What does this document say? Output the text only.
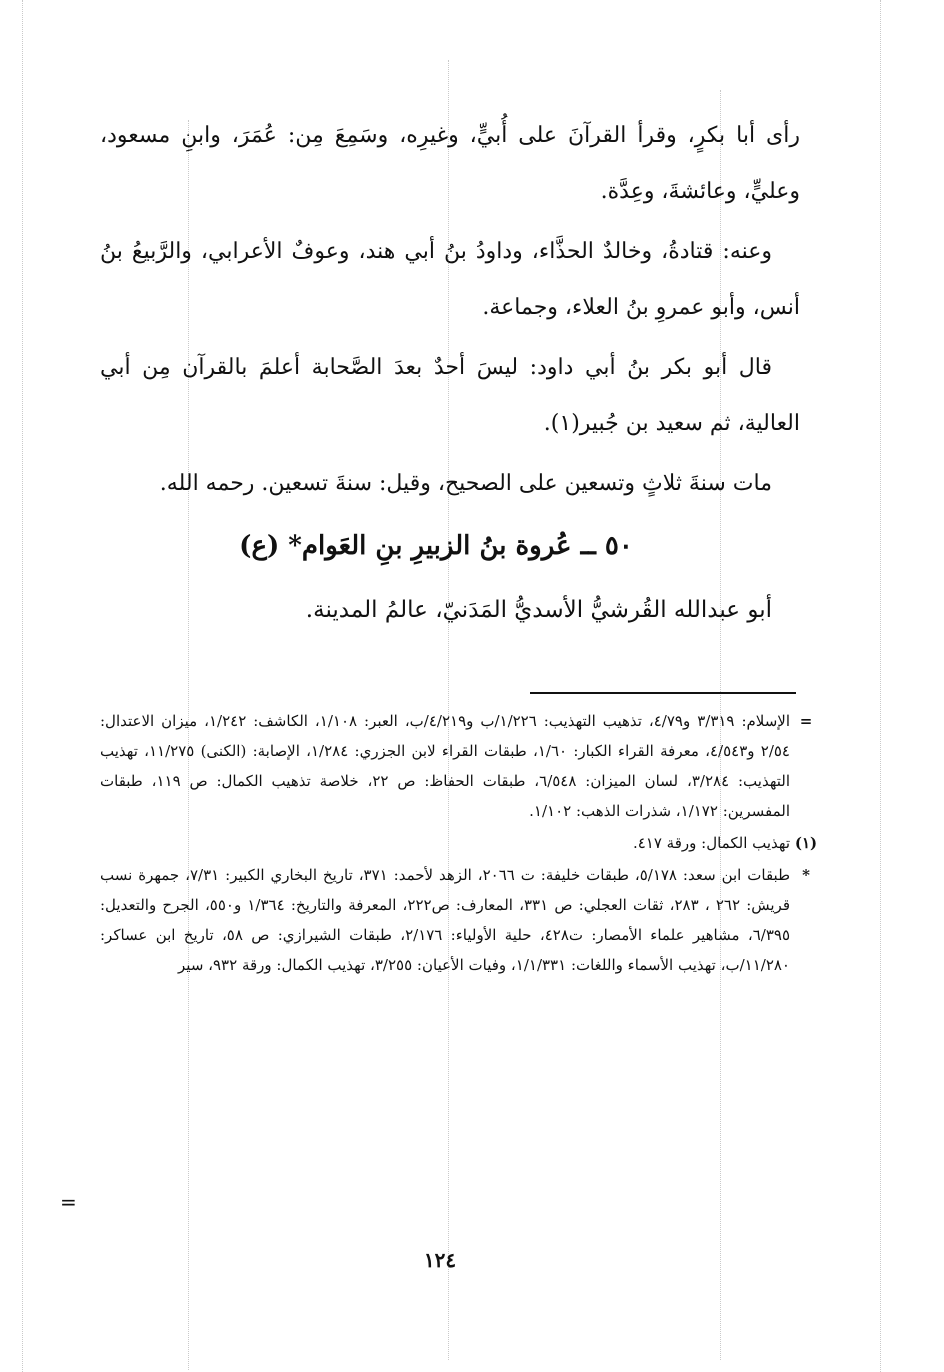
رأى أبا بكرٍ، وقرأ القرآنَ على أُبيٍّ، وغيرِه، وسَمِعَ مِن: عُمَرَ، وابنِ مسعود، وعليٍّ، وعائشةَ، وعِدَّة.

وعنه: قتادةُ، وخالدٌ الحذَّاء، وداودُ بنُ أبي هند، وعوفٌ الأعرابي، والرَّبيعُ بنُ أنس، وأبو عمروِ بنُ العلاء، وجماعة.

قال أبو بكر بنُ أبي داود: ليسَ أحدٌ بعدَ الصَّحابة أعلمَ بالقرآن مِن أبي العالية، ثم سعيد بن جُبير(١).

مات سنةَ ثلاثٍ وتسعين على الصحيح، وقيل: سنةَ تسعين. رحمه الله.

٥٠ ــ عُروة بنُ الزبيرِ بنِ العَوام* (ع)

أبو عبدالله القُرشيُّ الأسديُّ المَدَنيّ، عالمُ المدينة.

=
الإسلام: ٣/٣١٩ و٤/٧٩، تذهيب التهذيب: ١/٢٢٦/ب و٤/٢١٩/ب، العبر: ١/١٠٨، الكاشف: ١/٢٤٢، ميزان الاعتدال: ٢/٥٤ و٤/٥٤٣، معرفة القراء الكبار: ١/٦٠، طبقات القراء لابن الجزري: ١/٢٨٤، الإصابة: (الكنى) ١١/٢٧٥، تهذيب التهذيب: ٣/٢٨٤، لسان الميزان: ٦/٥٤٨، طبقات الحفاظ: ص ٢٢، خلاصة تذهيب الكمال: ص ١١٩، طبقات المفسرين: ١/١٧٢، شذرات الذهب: ١/١٠٢.
(١)
تهذيب الكمال: ورقة ٤١٧.
*
طبقات ابن سعد: ٥/١٧٨، طبقات خليفة: ت ٢٠٦٦، الزهد لأحمد: ٣٧١، تاريخ البخاري الكبير: ٧/٣١، جمهرة نسب قريش: ٢٦٢ ، ٢٨٣، ثقات العجلي: ص ٣٣١، المعارف: ص٢٢٢، المعرفة والتاريخ: ١/٣٦٤ و٥٥٠، الجرح والتعديل: ٦/٣٩٥، مشاهير علماء الأمصار: ت٤٢٨، حلية الأولياء: ٢/١٧٦، طبقات الشيرازي: ص ٥٨، تاريخ ابن عساكر: ١١/٢٨٠/ب، تهذيب الأسماء واللغات: ١/١/٣٣١، وفيات الأعيان: ٣/٢٥٥، تهذيب الكمال: ورقة ٩٣٢، سير
=
١٢٤
